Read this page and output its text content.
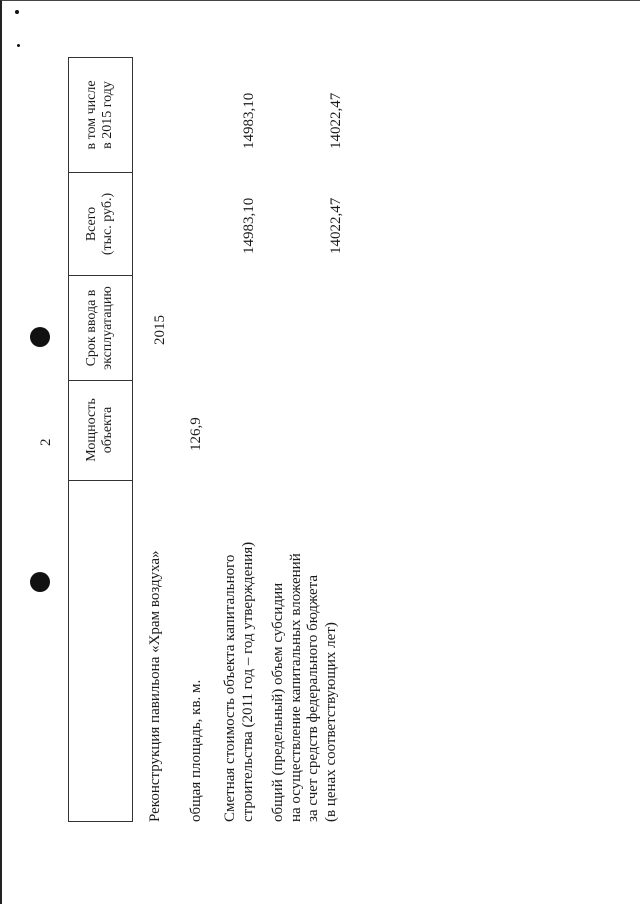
2 Мощность объекта
Срок ввода в эксплуатацию
Всего (тыс. руб.)
в том числе в 2015 году
Реконструкция павильона «Храм воздуха» общая площадь, кв. м. Сметная стоимость объекта капитального строительства (2011 год – год утверждения) общий (предельный) объем субсидии на осуществление капитальных вложений за счет средств федерального бюджета (в ценах соответствующих лет)
2015
126,9
14983,10
14983,10
14022,47
14022,47
